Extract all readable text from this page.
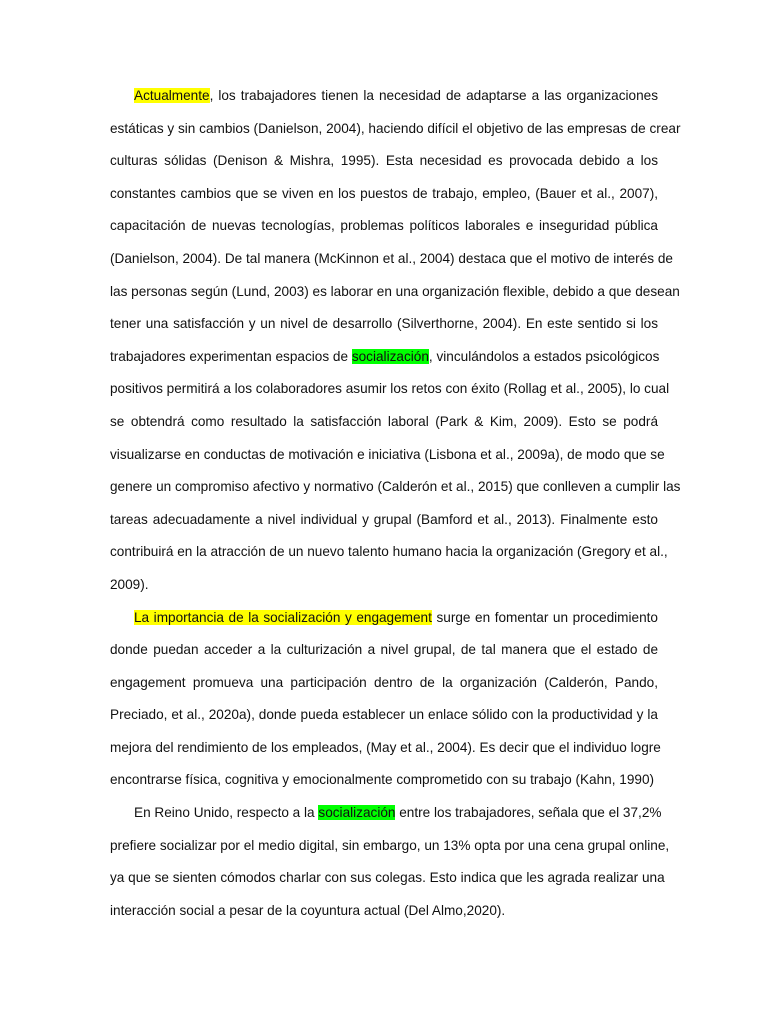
Actualmente, los trabajadores tienen la necesidad de adaptarse a las organizaciones
estáticas y sin cambios (Danielson, 2004), haciendo difícil el objetivo de las empresas de crear
culturas sólidas (Denison & Mishra, 1995). Esta necesidad es provocada debido a los
constantes cambios que se viven en los puestos de trabajo, empleo, (Bauer et al., 2007),
capacitación de nuevas tecnologías, problemas políticos laborales e inseguridad pública
(Danielson, 2004). De tal manera (McKinnon et al., 2004) destaca que el motivo de interés de
las personas según (Lund, 2003) es laborar en una organización flexible, debido a que desean
tener una satisfacción y un nivel de desarrollo (Silverthorne, 2004). En este sentido si los
trabajadores experimentan espacios de socialización, vinculándolos a estados psicológicos
positivos permitirá a los colaboradores asumir los retos con éxito (Rollag et al., 2005), lo cual
se obtendrá como resultado la satisfacción laboral (Park & Kim, 2009). Esto se podrá
visualizarse en conductas de motivación e iniciativa (Lisbona et al., 2009a), de modo que se
genere un compromiso afectivo y normativo (Calderón et al., 2015) que conlleven a cumplir las
tareas adecuadamente a nivel individual y grupal (Bamford et al., 2013). Finalmente esto
contribuirá en la atracción de un nuevo talento humano hacia la organización (Gregory et al.,
2009).
La importancia de la socialización y engagement surge en fomentar un procedimiento
donde puedan acceder a la culturización a nivel grupal, de tal manera que el estado de
engagement promueva una participación dentro de la organización (Calderón, Pando,
Preciado, et al., 2020a), donde pueda establecer un enlace sólido con la productividad y la
mejora del rendimiento de los empleados, (May et al., 2004). Es decir que el individuo logre
encontrarse física, cognitiva y emocionalmente comprometido con su trabajo (Kahn, 1990)
En Reino Unido, respecto a la socialización entre los trabajadores, señala que el 37,2%
prefiere socializar por el medio digital, sin embargo, un 13% opta por una cena grupal online,
ya que se sienten cómodos charlar con sus colegas. Esto indica que les agrada realizar una
interacción social a pesar de la coyuntura actual (Del Almo,2020).
